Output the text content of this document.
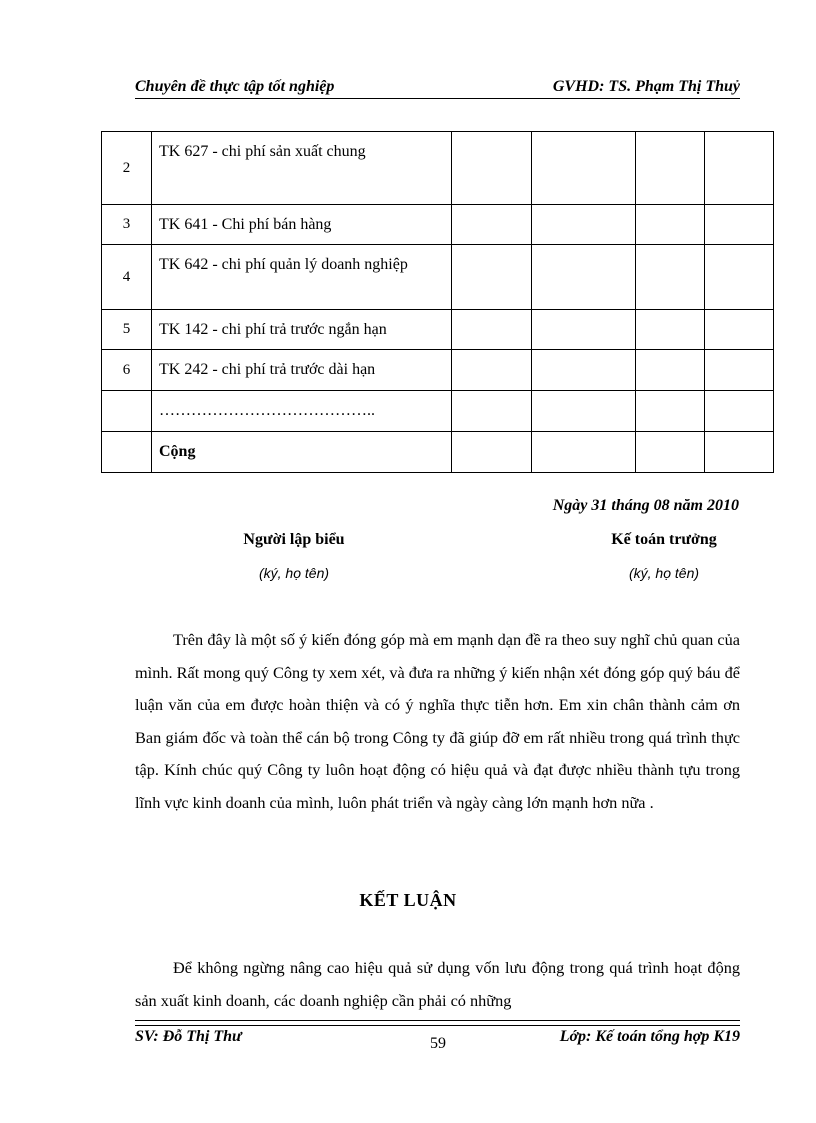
Chuyên đề thực tập tốt nghiệp	GVHD: TS. Phạm Thị Thuỷ
2	TK 627 - chi phí sản xuất chung				
3	TK 641 - Chi phí bán hàng				
4	TK 642 - chi phí quản lý doanh nghiệp				
5	TK 142 - chi phí trả trước ngắn hạn				
6	TK 242 - chi phí trả trước dài hạn				
	…………………………………..				
	Cộng				
Ngày 31 tháng 08 năm 2010
Người lập biểu
(ký, họ tên)
Kế toán trưởng
(ký, họ tên)
Trên đây là một số ý kiến đóng góp mà em mạnh dạn đề ra theo suy nghĩ chủ quan của mình. Rất mong quý Công ty xem xét, và đưa ra những ý kiến nhận xét đóng góp quý báu để luận văn của em được hoàn thiện và có ý nghĩa thực tiễn hơn. Em xin chân thành cảm ơn Ban giám đốc và toàn thể cán bộ trong Công ty đã giúp đỡ em rất nhiều trong quá trình thực tập. Kính chúc quý Công ty luôn hoạt động có hiệu quả và đạt được nhiều thành tựu trong lĩnh vực kinh doanh của mình, luôn phát triển và ngày càng lớn mạnh hơn nữa .
KẾT LUẬN
Để không ngừng nâng cao hiệu quả sử dụng vốn lưu động trong quá trình hoạt động sản xuất kinh doanh, các doanh nghiệp cần phải có những
SV: Đỗ Thị Thư	59	Lớp: Kế toán tổng hợp K19
